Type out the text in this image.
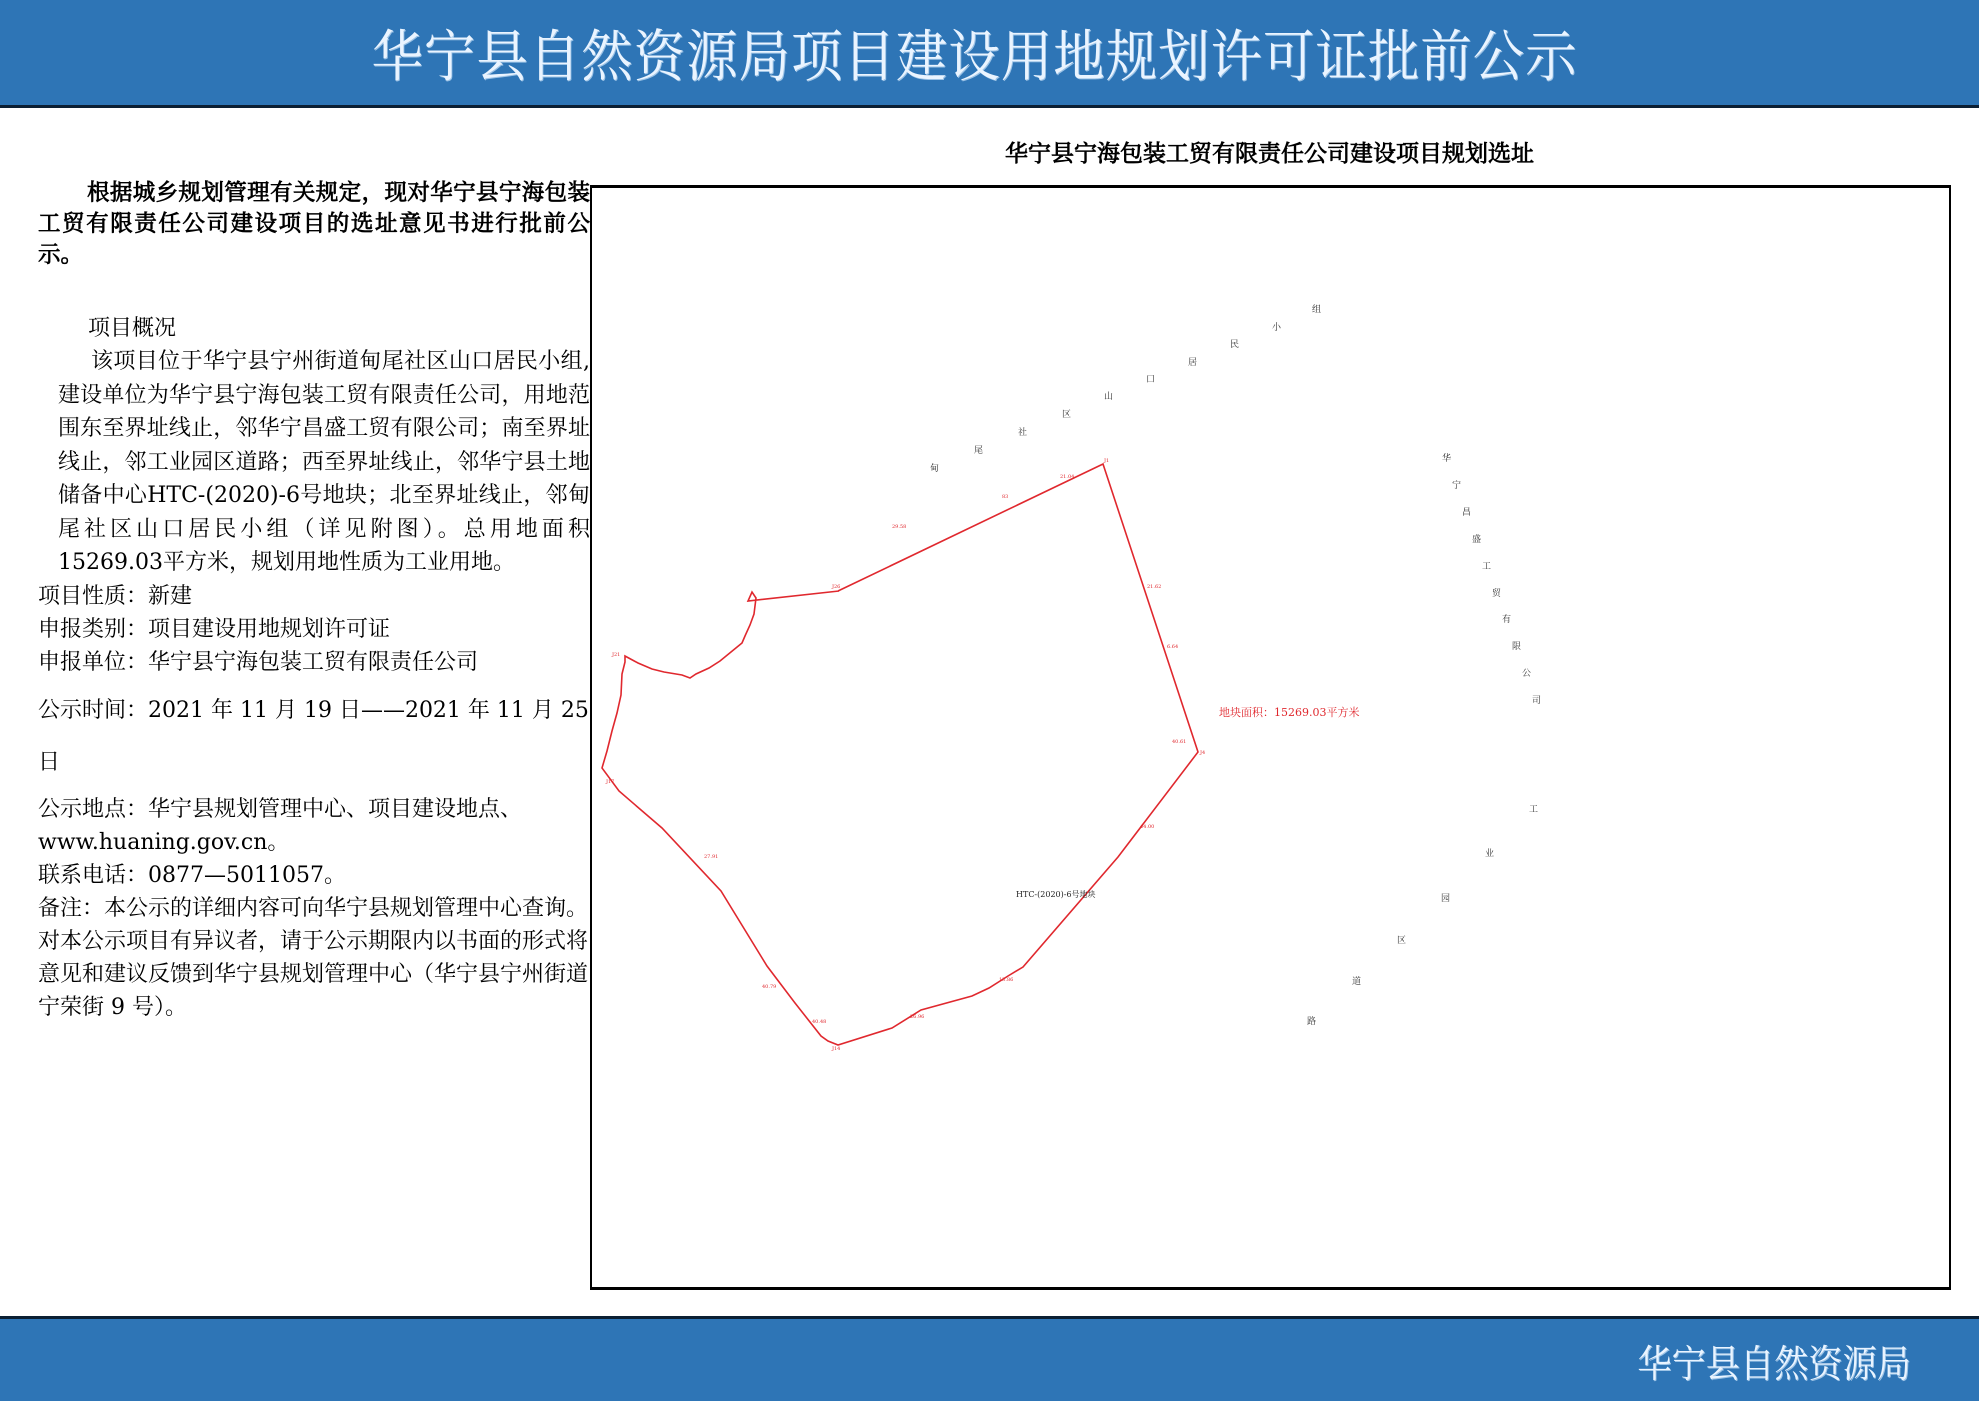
华宁县自然资源局项目建设用地规划许可证批前公示

根据城乡规划管理有关规定，现对华宁县宁海包装工贸有限责任公司建设项目的选址意见书进行批前公示。

项目概况

该项目位于华宁县宁州街道甸尾社区山口居民小组,建设单位为华宁县宁海包装工贸有限责任公司，用地范围东至界址线止，邻华宁昌盛工贸有限公司；南至界址线止，邻工业园区道路；西至界址线止，邻华宁县土地储备中心HTC-(2020)-6号地块；北至界址线止，邻甸尾社区山口居民小组（详见附图）。总用地面积15269.03平方米，规划用地性质为工业用地。

项目性质：新建

申报类别：项目建设用地规划许可证

申报单位：华宁县宁海包装工贸有限责任公司

公示时间：2021 年 11 月 19 日——2021 年 11 月 25 日

公示地点：华宁县规划管理中心、项目建设地点、www.huaning.gov.cn。

联系电话：0877—5011057。

备注：本公示的详细内容可向华宁县规划管理中心查询。对本公示项目有异议者，请于公示期限内以书面的形式将意见和建议反馈到华宁县规划管理中心（华宁县宁州街道宁荣街 9 号）。

华宁县宁海包装工贸有限责任公司建设项目规划选址
J26
J1
J4
J14
J17
J21
29.58
83
21.04
21.62
6.64
40.61
44.00
27.91
40.79
40.48
26.96
13.86
甸
尾
社
区
山
口
居
民
小
组
华
宁
昌
盛
工
贸
有
限
公
司
工
业
园
区
道
路
地块面积：15269.03平方米
HTC-(2020)-6号地块
华宁县自然资源局
